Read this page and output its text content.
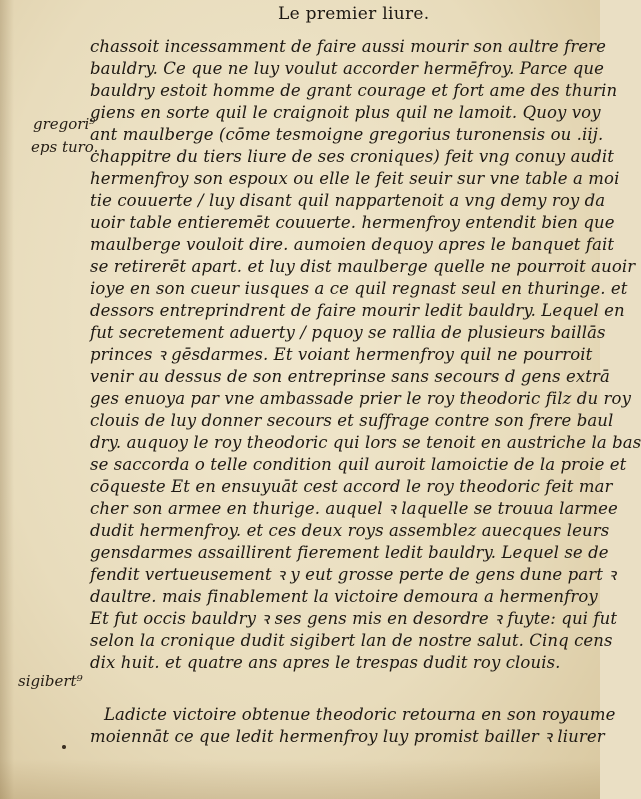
Le premier liure.
gregori⁹
eps turo.
sigibert⁹
chassoit incessamment de faire aussi mourir son aultre frere
bauldry. Ce que ne luy voulut accorder hermēfroy. Parce que
bauldry estoit homme de grant courage et fort ame des thurin
giens en sorte quil le craignoit plus quil ne lamoit. Quoy voy
ant maulberge (cōme tesmoigne gregorius turonensis ou .iij.
chappitre du tiers liure de ses croniques) feit vng conuy audit
hermenfroy son espoux ou elle le feit seuir sur vne table a moi
tie couuerte / luy disant quil nappartenoit a vng demy roy da
uoir table entieremēt couuerte. hermenfroy entendit bien que
maulberge vouloit dire. aumoien dequoy apres le banquet fait
se retirerēt apart. et luy dist maulberge quelle ne pourroit auoir
ioye en son cueur iusques a ce quil regnast seul en thuringe. et
dessors entreprindrent de faire mourir ledit bauldry. Lequel en
fut secretement aduerty / pquoy se rallia de plusieurs baillās
princes ꝛ gēsdarmes. Et voiant hermenfroy quil ne pourroit
venir au dessus de son entreprinse sans secours d gens extrā
ges enuoya par vne ambassade prier le roy theodoric filz du roy
clouis de luy donner secours et suffrage contre son frere baul
dry. auquoy le roy theodoric qui lors se tenoit en austriche la bas
se saccorda o telle condition quil auroit lamoictie de la proie et
cōqueste Et en ensuyuāt cest accord le roy theodoric feit mar
cher son armee en thurige. auquel ꝛ laquelle se trouua larmee
dudit hermenfroy. et ces deux roys assemblez auecques leurs
gensdarmes assaillirent fierement ledit bauldry. Lequel se de
fendit vertueusement ꝛ y eut grosse perte de gens dune part ꝛ
daultre. mais finablement la victoire demoura a hermenfroy
Et fut occis bauldry ꝛ ses gens mis en desordre ꝛ fuyte: qui fut
selon la cronique dudit sigibert lan de nostre salut. Cinq cens
dix huit. et quatre ans apres le trespas dudit roy clouis.
Ladicte victoire obtenue theodoric retourna en son royaume
moiennāt ce que ledit hermenfroy luy promist bailler ꝛ liurer
